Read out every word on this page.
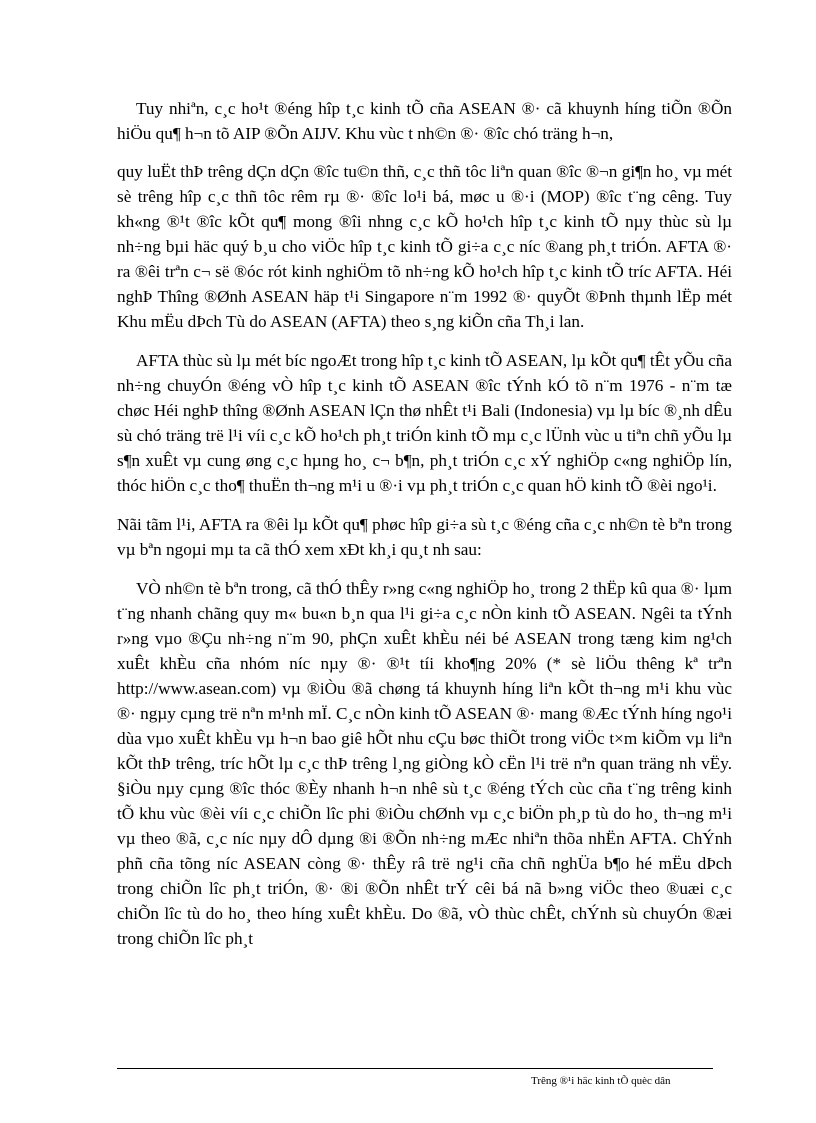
Tuy nhiªn, c¸c ho¹t ®éng hîp t¸c kinh tÕ cña ASEAN ®· cã khuynh híng tiÕn ®Õn hiÖu qu¶ h¬n tõ AIP ®Õn AIJV. Khu vùc t nh©n ®· ®îc chó träng h¬n,

quy luËt thÞ trêng dÇn dÇn ®îc tu©n thñ, c¸c thñ tôc liªn quan ®îc ®¬n gi¶n ho¸ vµ mét sè trêng hîp c¸c thñ tôc rêm rµ ®· ®îc lo¹i bá, møc u ®·i (MOP) ®îc t¨ng cêng. Tuy kh«ng ®¹t ®îc kÕt qu¶ mong ®îi nhng c¸c kÕ ho¹ch hîp t¸c kinh tÕ nµy thùc sù lµ nh÷ng bµi häc quý b¸u cho viÖc hîp t¸c kinh tÕ gi÷a c¸c níc ®ang ph¸t triÓn. AFTA ®· ra ®êi trªn c¬ së ®óc rót kinh nghiÖm tõ nh÷ng kÕ ho¹ch hîp t¸c kinh tÕ tríc AFTA. Héi nghÞ Thîng ®Ønh ASEAN häp t¹i Singapore n¨m 1992 ®· quyÕt ®Þnh thµnh lËp mét Khu mËu dÞch Tù do ASEAN (AFTA) theo s¸ng kiÕn cña Th¸i lan.

AFTA thùc sù lµ mét bíc ngoÆt trong hîp t¸c kinh tÕ ASEAN, lµ kÕt qu¶ tÊt yÕu cña nh÷ng chuyÓn ®éng vÒ hîp t¸c kinh tÕ ASEAN ®îc tÝnh kÓ tõ n¨m 1976 - n¨m tæ chøc Héi nghÞ thîng ®Ønh ASEAN lÇn thø nhÊt t¹i Bali (Indonesia) vµ lµ bíc ®¸nh dÊu sù chó träng trë l¹i víi c¸c kÕ ho¹ch ph¸t triÓn kinh tÕ mµ c¸c lÜnh vùc u tiªn chñ yÕu lµ s¶n xuÊt vµ cung øng c¸c hµng ho¸ c¬ b¶n, ph¸t triÓn c¸c xÝ nghiÖp c«ng nghiÖp lín, thóc hiÖn c¸c tho¶ thuËn th¬ng m¹i u ®·i vµ ph¸t triÓn c¸c quan hÖ kinh tÕ ®èi ngo¹i.

Nãi tãm l¹i, AFTA ra ®êi lµ kÕt qu¶ phøc hîp gi÷a sù t¸c ®éng cña c¸c nh©n tè bªn trong vµ bªn ngoµi mµ ta cã thÓ xem xÐt kh¸i qu¸t nh sau:

VÒ nh©n tè bªn trong, cã thÓ thÊy r»ng c«ng nghiÖp ho¸ trong 2 thËp kû qua ®· lµm t¨ng nhanh chãng quy m« bu«n b¸n qua l¹i gi÷a c¸c nÒn kinh tÕ ASEAN. Ngêi ta tÝnh r»ng vµo ®Çu nh÷ng n¨m 90, phÇn xuÊt khÈu néi bé ASEAN trong tæng kim ng¹ch xuÊt khÈu cña nhóm níc nµy ®· ®¹t tíi kho¶ng 20% (* sè liÖu thêng kª trªn http://www.asean.com) vµ ®iÒu ®ã chøng tá khuynh híng liªn kÕt th¬ng m¹i khu vùc ®· ngµy cµng trë nªn m¹nh mÏ. C¸c nÒn kinh tÕ ASEAN ®· mang ®Æc tÝnh híng ngo¹i dùa vµo xuÊt khÈu vµ h¬n bao giê hÕt nhu cÇu bøc thiÕt trong viÖc t×m kiÕm vµ liªn kÕt thÞ trêng, tríc hÕt lµ c¸c thÞ trêng l¸ng giÒng kÒ cËn l¹i trë nªn quan träng nh vËy. §iÒu nµy cµng ®îc thóc ®Èy nhanh h¬n nhê sù t¸c ®éng tÝch cùc cña t¨ng trêng kinh tÕ khu vùc ®èi víi c¸c chiÕn lîc phi ®iÒu chØnh vµ c¸c biÖn ph¸p tù do ho¸ th¬ng m¹i vµ theo ®ã, c¸c níc nµy dÔ dµng ®i ®Õn nh÷ng mÆc nhiªn thõa nhËn AFTA. ChÝnh phñ cña tõng níc ASEAN còng ®· thÊy râ trë ng¹i cña chñ nghÜa b¶o hé mËu dÞch trong chiÕn lîc ph¸t triÓn, ®· ®i ®Õn nhÊt trÝ cêi bá nã b»ng viÖc theo ®uæi c¸c chiÕn lîc tù do ho¸ theo híng xuÊt khÈu. Do ®ã, vÒ thùc chÊt, chÝnh sù chuyÓn ®æi trong chiÕn lîc ph¸t

Trêng ®¹i häc kinh tÕ quèc dân
